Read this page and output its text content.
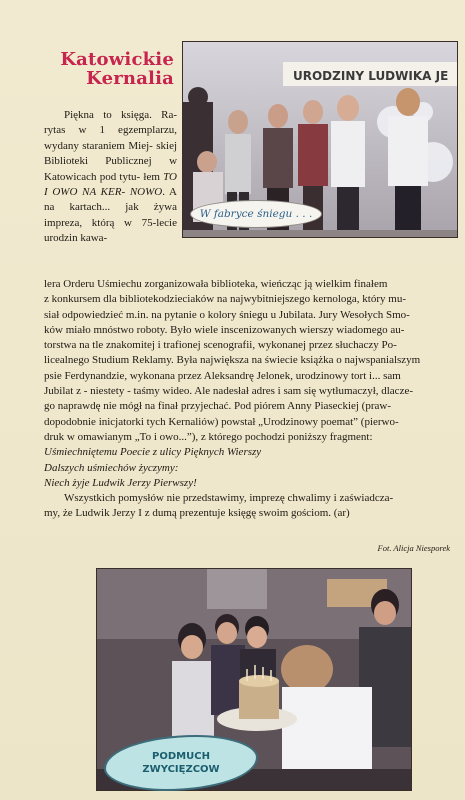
Katowickie
Kernalia
Piękna to księga. Ra- rytas w 1 egzemplarzu, wydany staraniem Miej- skiej Biblioteki Publicznej w Katowicach pod tytu- łem TO I OWO NA KER- NOWO. A na kartach... jak żywa impreza, którą w 75-lecie urodzin kawa-
URODZINY LUDWIKA JE
W fabryce śniegu . . .
lera Orderu Uśmiechu zorganizowała biblioteka, wieńcząc ją wielkim finałem
z konkursem dla bibliotekodzieciaków na najwybitniejszego kernologa, który mu-
siał odpowiedzieć m.in. na pytanie o kolory śniegu u Jubilata. Jury Wesołych Smo-
ków miało mnóstwo roboty. Było wiele inscenizowanych wierszy wiadomego au-
torstwa na tle znakomitej i trafionej scenografii, wykonanej przez słuchaczy Po-
licealnego Studium Reklamy. Była największa na świecie książka o najwspanialszym
psie Ferdynandzie, wykonana przez Aleksandrę Jelonek, urodzinowy tort i... sam
Jubilat z - niestety - taśmy wideo. Ale nadesłał adres i sam się wytłumaczył, dlacze-
go naprawdę nie mógł na finał przyjechać. Pod piórem Anny Piaseckiej (praw-
dopodobnie inicjatorki tych Kernaliów) powstał „Urodzinowy poemat” (pierwo-
druk w omawianym „To i owo...”), z którego pochodzi poniższy fragment:
Uśmiechniętemu Poecie z ulicy Pięknych Wierszy
Dalszych uśmiechów życzymy:
Niech żyje Ludwik Jerzy Pierwszy!
Wszystkich pomysłów nie przedstawimy, imprezę chwalimy i zaświadcza-
my, że Ludwik Jerzy I z dumą prezentuje księgę swoim gościom. (ar)
Fot. Alicja Niesporek
PODMUCH
ZWYCIĘZCOW
